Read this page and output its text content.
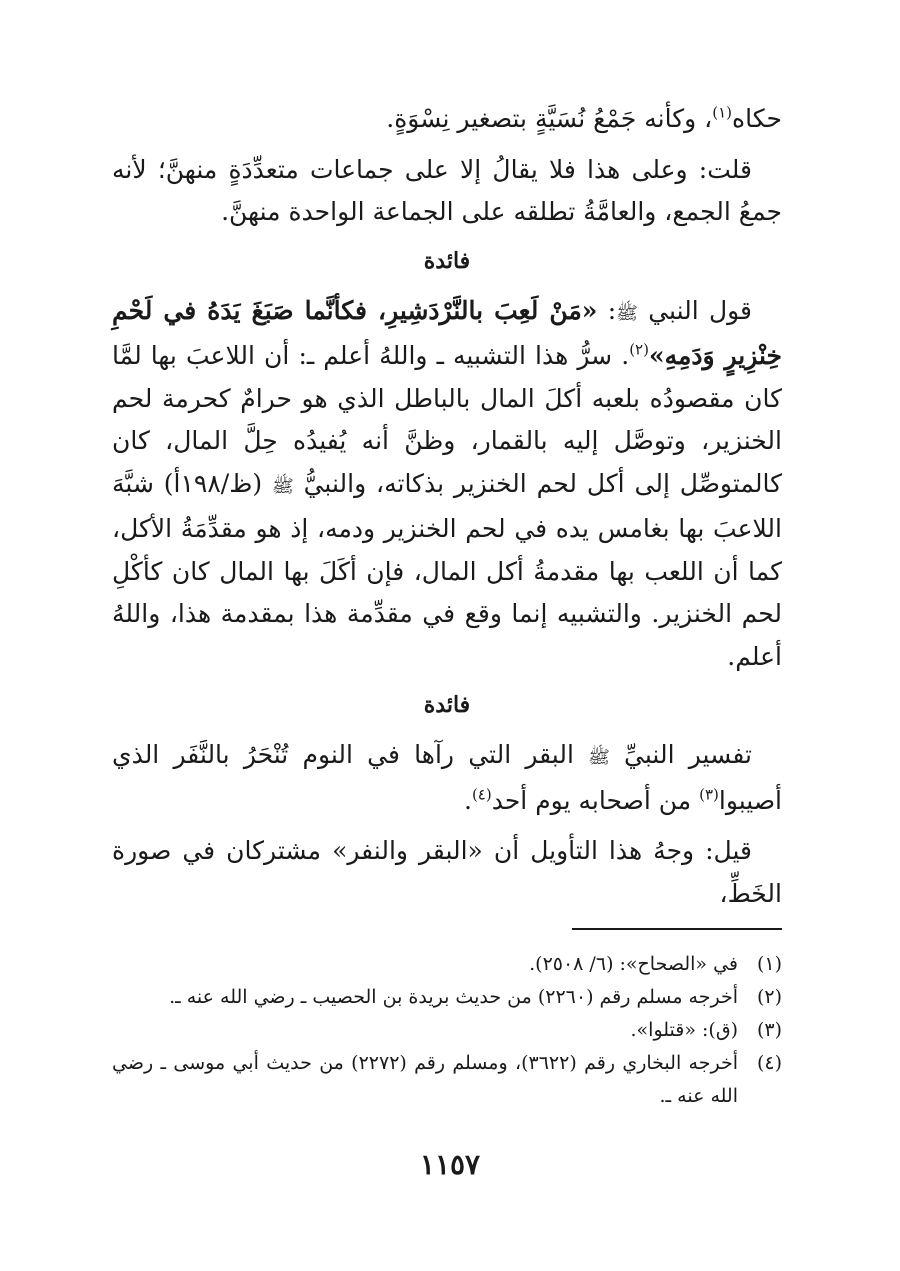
حكاه$^{(١)}$، وكأنه جَمْعُ نُسَيَّةٍ بتصغير نِسْوَةٍ.

قلت: وعلى هذا فلا يقالُ إلا على جماعات متعدِّدَةٍ منهنَّ؛ لأنه جمعُ الجمع، والعامَّةُ تطلقه على الجماعة الواحدة منهنَّ.

فائدة

قول النبي ﷺ: «مَنْ لَعِبَ بالنَّرْدَشِيرِ، فكأنَّما صَبَغَ يَدَهُ في لَحْمِ خِنْزِيرٍ وَدَمِهِ»$^{(٢)}$. سرُّ هذا التشبيه ـ واللهُ أعلم ـ: أن اللاعبَ بها لمَّا كان مقصودُه بلعبه أكلَ المال بالباطل الذي هو حرامٌ كحرمة لحم الخنزير، وتوصَّل إليه بالقمار، وظنَّ أنه يُفيدُه حِلَّ المال، كان كالمتوصِّل إلى أكل لحم الخنزير بذكاته، والنبيُّ ﷺ (ظ/١٩٨أ) شبَّهَ اللاعبَ بها بغامس يده في لحم الخنزير ودمه، إذ هو مقدِّمَةُ الأكل، كما أن اللعب بها مقدمةُ أكل المال، فإن أكَلَ بها المال كان كأكْلِ لحم الخنزير. والتشبيه إنما وقع في مقدِّمة هذا بمقدمة هذا، واللهُ أعلم.

فائدة

تفسير النبيِّ ﷺ البقر التي رآها في النوم تُنْحَرُ بالنَّفَر الذي أصيبوا$^{(٣)}$ من أصحابه يوم أحد$^{(٤)}$.

قيل: وجهُ هذا التأويل أن «البقر والنفر» مشتركان في صورة الخَطِّ،

(١)
في «الصحاح»: (٦/ ٢٥٠٨).
(٢)
أخرجه مسلم رقم (٢٢٦٠) من حديث بريدة بن الحصيب ـ رضي الله عنه ـ.
(٣)
(ق): «قتلوا».
(٤)
أخرجه البخاري رقم (٣٦٢٢)، ومسلم رقم (٢٢٧٢) من حديث أبي موسى ـ رضي الله عنه ـ.
١١٥٧
